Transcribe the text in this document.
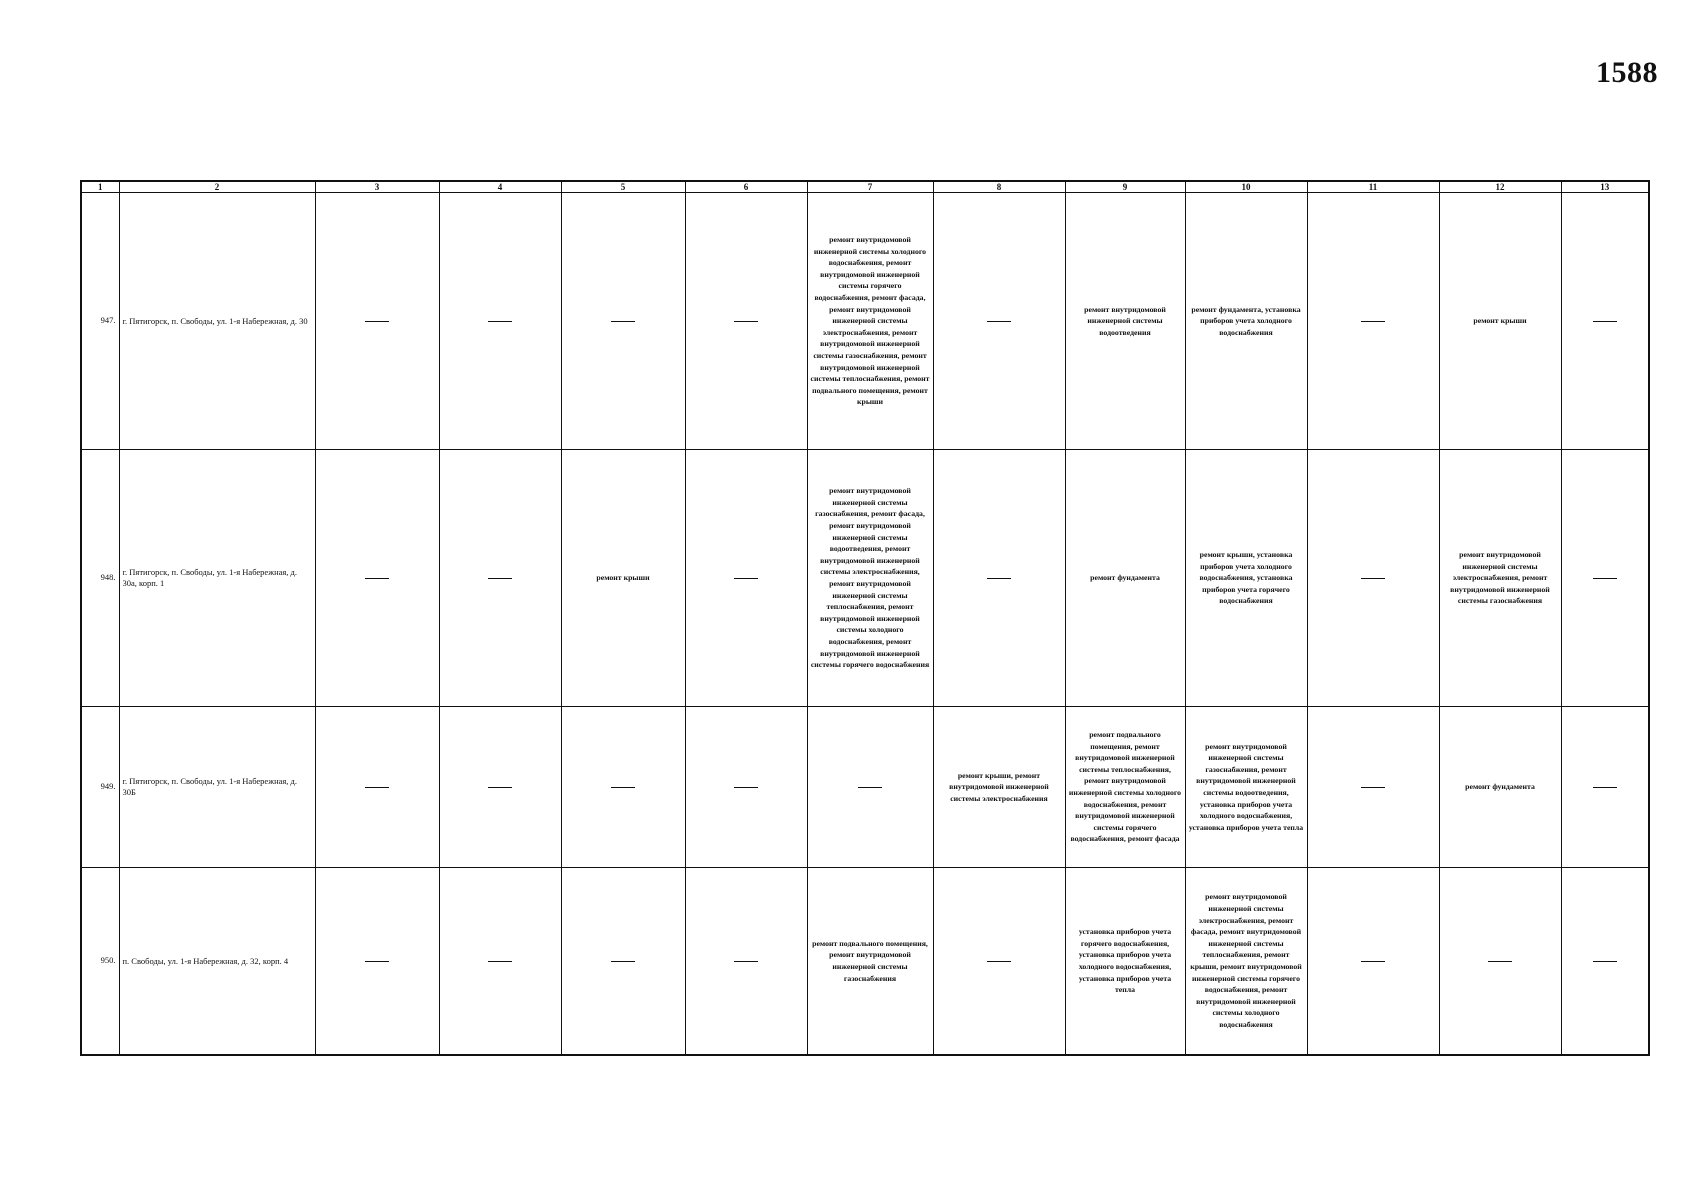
1588
1	2	3	4	5	6	7	8	9	10	11	12	13
947.	г. Пятигорск, п. Свободы, ул. 1-я Набережная, д. 30					ремонт внутридомовой инженерной системы холодного водоснабжения, ремонт внутридомовой инженерной системы горячего водоснабжения, ремонт фасада, ремонт внутридомовой инженерной системы электроснабжения, ремонт внутридомовой инженерной системы газоснабжения, ремонт внутридомовой инженерной системы теплоснабжения, ремонт подвального помещения, ремонт крыши		ремонт внутридомовой инженерной системы водоотведения	ремонт фундамента, установка приборов учета холодного водоснабжения		ремонт крыши	
948.	г. Пятигорск, п. Свободы, ул. 1-я Набережная, д. 30а, корп. 1			ремонт крыши		ремонт внутридомовой инженерной системы газоснабжения, ремонт фасада, ремонт внутридомовой инженерной системы водоотведения, ремонт внутридомовой инженерной системы электроснабжения, ремонт внутридомовой инженерной системы теплоснабжения, ремонт внутридомовой инженерной системы холодного водоснабжения, ремонт внутридомовой инженерной системы горячего водоснабжения		ремонт фундамента	ремонт крыши, установка приборов учета холодного водоснабжения, установка приборов учета горячего водоснабжения		ремонт внутридомовой инженерной системы электроснабжения, ремонт внутридомовой инженерной системы газоснабжения	
949.	г. Пятигорск, п. Свободы, ул. 1-я Набережная, д. 30Б						ремонт крыши, ремонт внутридомовой инженерной системы электроснабжения	ремонт подвального помещения, ремонт внутридомовой инженерной системы теплоснабжения, ремонт внутридомовой инженерной системы холодного водоснабжения, ремонт внутридомовой инженерной системы горячего водоснабжения, ремонт фасада	ремонт внутридомовой инженерной системы газоснабжения, ремонт внутридомовой инженерной системы водоотведения, установка приборов учета холодного водоснабжения, установка приборов учета тепла		ремонт фундамента	
950.	п. Свободы, ул. 1-я Набережная, д. 32, корп. 4					ремонт подвального помещения, ремонт внутридомовой инженерной системы газоснабжения		установка приборов учета горячего водоснабжения, установка приборов учета холодного водоснабжения, установка приборов учета тепла	ремонт внутридомовой инженерной системы электроснабжения, ремонт фасада, ремонт внутридомовой инженерной системы теплоснабжения, ремонт крыши, ремонт внутридомовой инженерной системы горячего водоснабжения, ремонт внутридомовой инженерной системы холодного водоснабжения			
